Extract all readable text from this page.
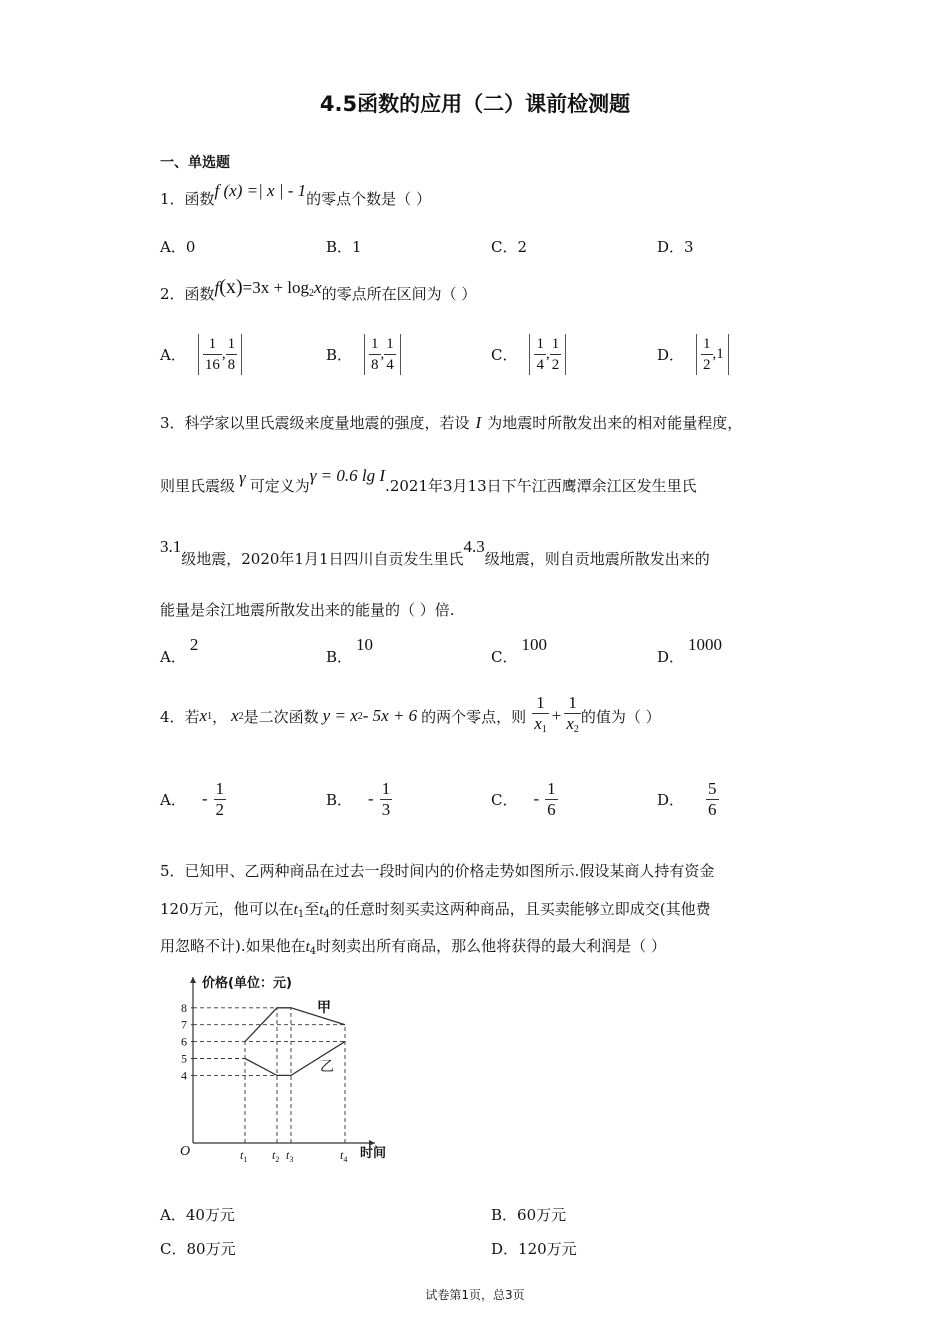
4.5函数的应用（二）课前检测题
一、单选题
1．函数f (x) =| x | - 1的零点个数是（ ）
A．0	B．1	C．2	D．3
2．函数$f(x)=3x + \log_2x$的零点所在区间为（ ）
A． $\frac{1}{16}$ , $\frac{1}{8}$	B． $\frac{1}{8}$ , $\frac{1}{4}$	C． $\frac{1}{4}$ , $\frac{1}{2}$	D． $\frac{1}{2} ,1$
3．科学家以里氏震级来度量地震的强度，若设 I 为地震时所散发出来的相对能量程度，
则里氏震级 γ 可定义为γ = 0.6 lg I.2021年3月13日下午江西鹰潭余江区发生里氏
3.1级地震，2020年1月1日四川自贡发生里氏4.3级地震，则自贡地震所散发出来的
能量是余江地震所散发出来的能量的（ ）倍.
A．2
B．10
C．100
D．1000
4．若 x 1 ， x 2 是二次函数 y = x 2 - 5x + 6 的两个零点，则 $\frac{1}{x_1} + \frac{1}{x_2}$ 的值为（ ）
A． - $\frac{1}{2}$	B． - $\frac{1}{3}$	C． - $\frac{1}{6}$	D． $\frac{5}{6}$
5．已知甲、乙两种商品在过去一段时间内的价格走势如图所示.假设某商人持有资金
120万元，他可以在$t_1$至$t_4$的任意时刻买卖这两种商品，且买卖能够立即成交(其他费
用忽略不计).如果他在$t_4$时刻卖出所有商品，那么他将获得的最大利润是（ ）
价格(单位：元)
时间
O
4
5
6
7
8
$t_1$ $t_2$ $t_3$	$t_4$
甲
乙
A．40万元	B．60万元
C．80万元	D．120万元
试卷第1页，总3页
